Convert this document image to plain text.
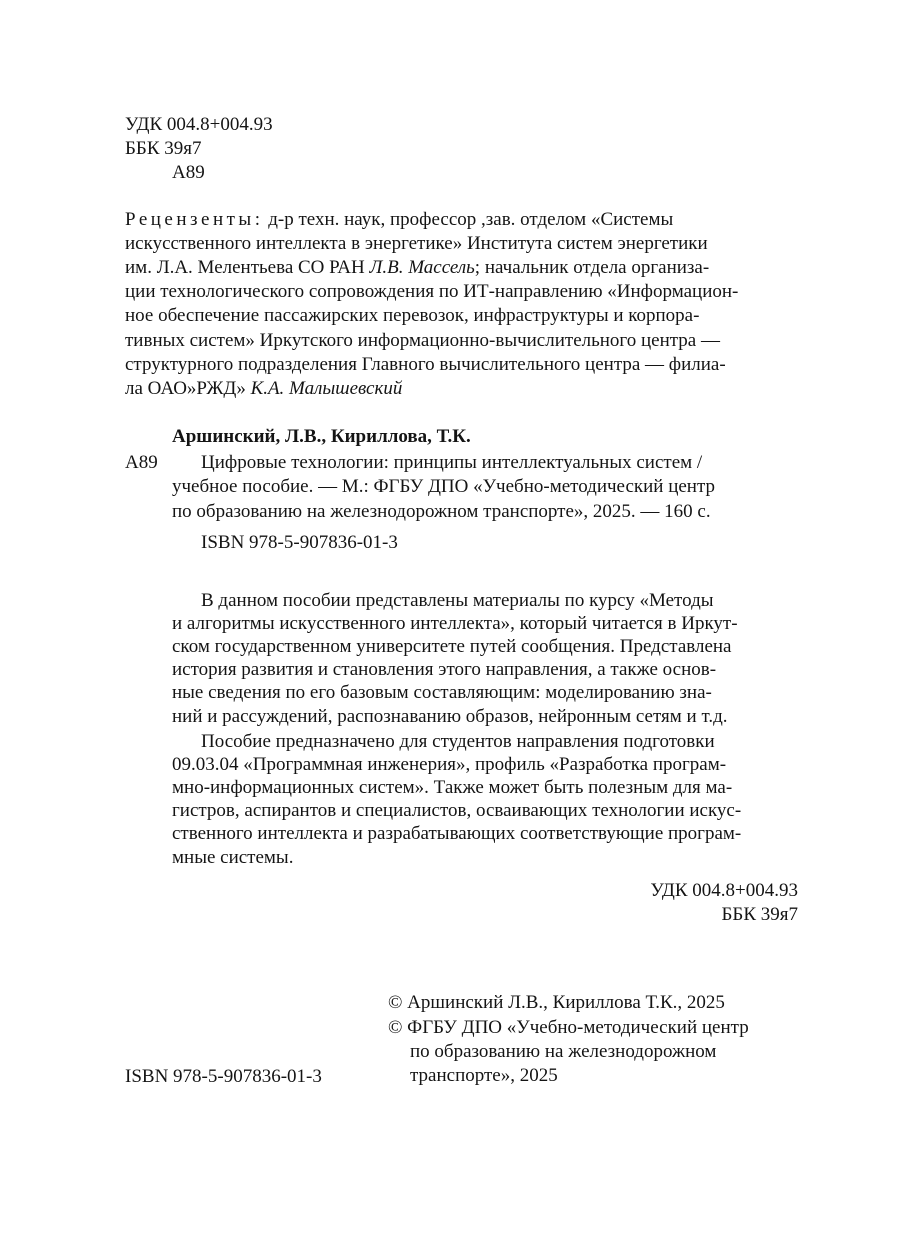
УДК 004.8+004.93
ББК 39я7
А89
Рецензенты: д-р техн. наук, профессор ,зав. отделом «Системы
искусственного интеллекта в энергетике» Института систем энергетики
им. Л.А. Мелентьева СО РАН Л.В. Массель; начальник отдела организа-
ции технологического сопровождения по ИТ-направлению «Информацион-
ное обеспечение пассажирских перевозок, инфраструктуры и корпора-
тивных систем» Иркутского информационно-вычислительного центра —
структурного подразделения Главного вычислительного центра — филиа-
ла ОАО»РЖД» К.А. Малышевский
Аршинский, Л.В., Кириллова, Т.К.
А89 Цифровые технологии: принципы интеллектуальных систем /
учебное пособие. — М.: ФГБУ ДПО «Учебно-методический центр
по образованию на железнодорожном транспорте», 2025. — 160 с.
ISBN 978-5-907836-01-3
В данном пособии представлены материалы по курсу «Методы
и алгоритмы искусственного интеллекта», который читается в Иркут-
ском государственном университете путей сообщения. Представлена
история развития и становления этого направления, а также основ-
ные сведения по его базовым составляющим: моделированию зна-
ний и рассуждений, распознаванию образов, нейронным сетям и т.д.
Пособие предназначено для студентов направления подготовки
09.03.04 «Программная инженерия», профиль «Разработка програм-
мно-информационных систем». Также может быть полезным для ма-
гистров, аспирантов и специалистов, осваивающих технологии искус-
ственного интеллекта и разрабатывающих соответствующие програм-
мные системы.
УДК 004.8+004.93
ББК 39я7
© Аршинский Л.В., Кириллова Т.К., 2025
© ФГБУ ДПО «Учебно-методический центр
по образованию на железнодорожном
транспорте», 2025
ISBN 978-5-907836-01-3
